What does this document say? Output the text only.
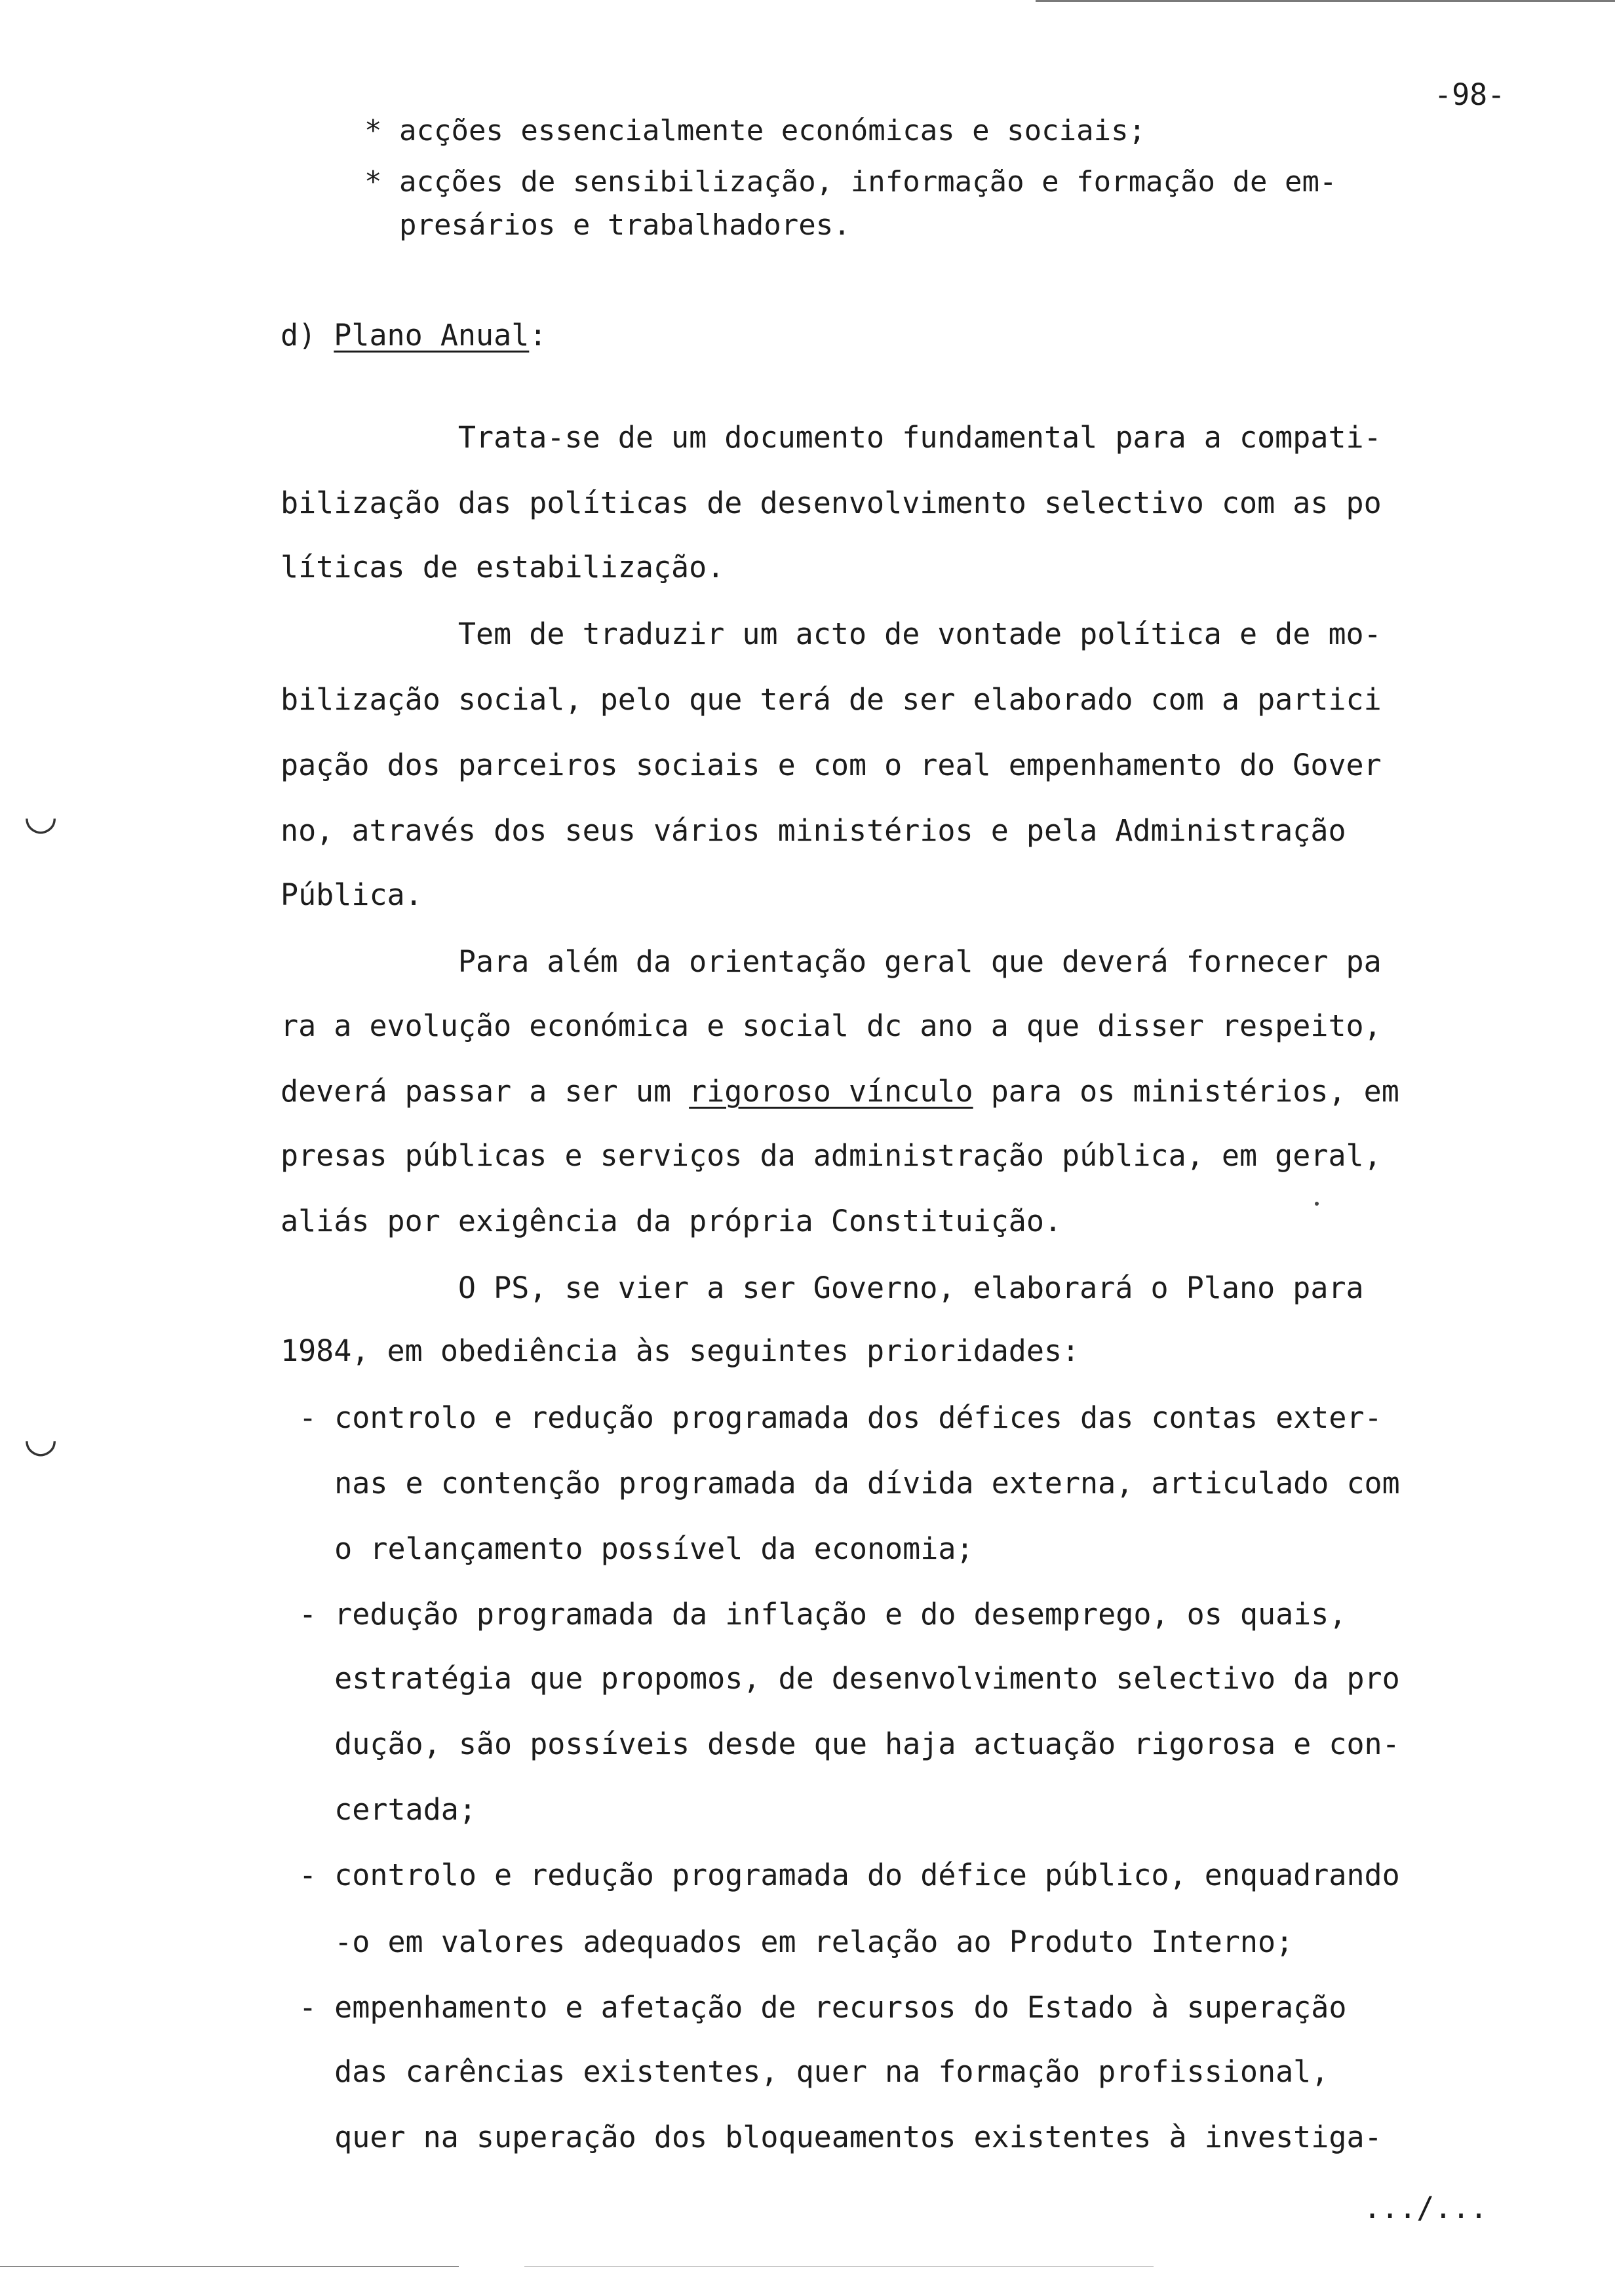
-98-
* acções essencialmente económicas e sociais;
* acções de sensibilização, informação e formação de em-
presários e trabalhadores.
d) Plano Anual:
Trata-se de um documento fundamental para a compati-
bilização das políticas de desenvolvimento selectivo com as po
líticas de estabilização.
Tem de traduzir um acto de vontade política e de mo-
bilização social, pelo que terá de ser elaborado com a partici
pação dos parceiros sociais e com o real empenhamento do Gover
no, através dos seus vários ministérios e pela Administração
Pública.
Para além da orientação geral que deverá fornecer pa
ra a evolução económica e social dc ano a que disser respeito,
deverá passar a ser um rigoroso vínculo para os ministérios, em
presas públicas e serviços da administração pública, em geral,
aliás por exigência da própria Constituição.
O PS, se vier a ser Governo, elaborará o Plano para
1984, em obediência às seguintes prioridades:
- controlo e redução programada dos défices das contas exter-
nas e contenção programada da dívida externa, articulado com
o relançamento possível da economia;
- redução programada da inflação e do desemprego, os quais,
estratégia que propomos, de desenvolvimento selectivo da pro
dução, são possíveis desde que haja actuação rigorosa e con-
certada;
- controlo e redução programada do défice público, enquadrando
-o em valores adequados em relação ao Produto Interno;
- empenhamento e afetação de recursos do Estado à superação
das carências existentes, quer na formação profissional,
quer na superação dos bloqueamentos existentes à investiga-
.../...
◡
◡
